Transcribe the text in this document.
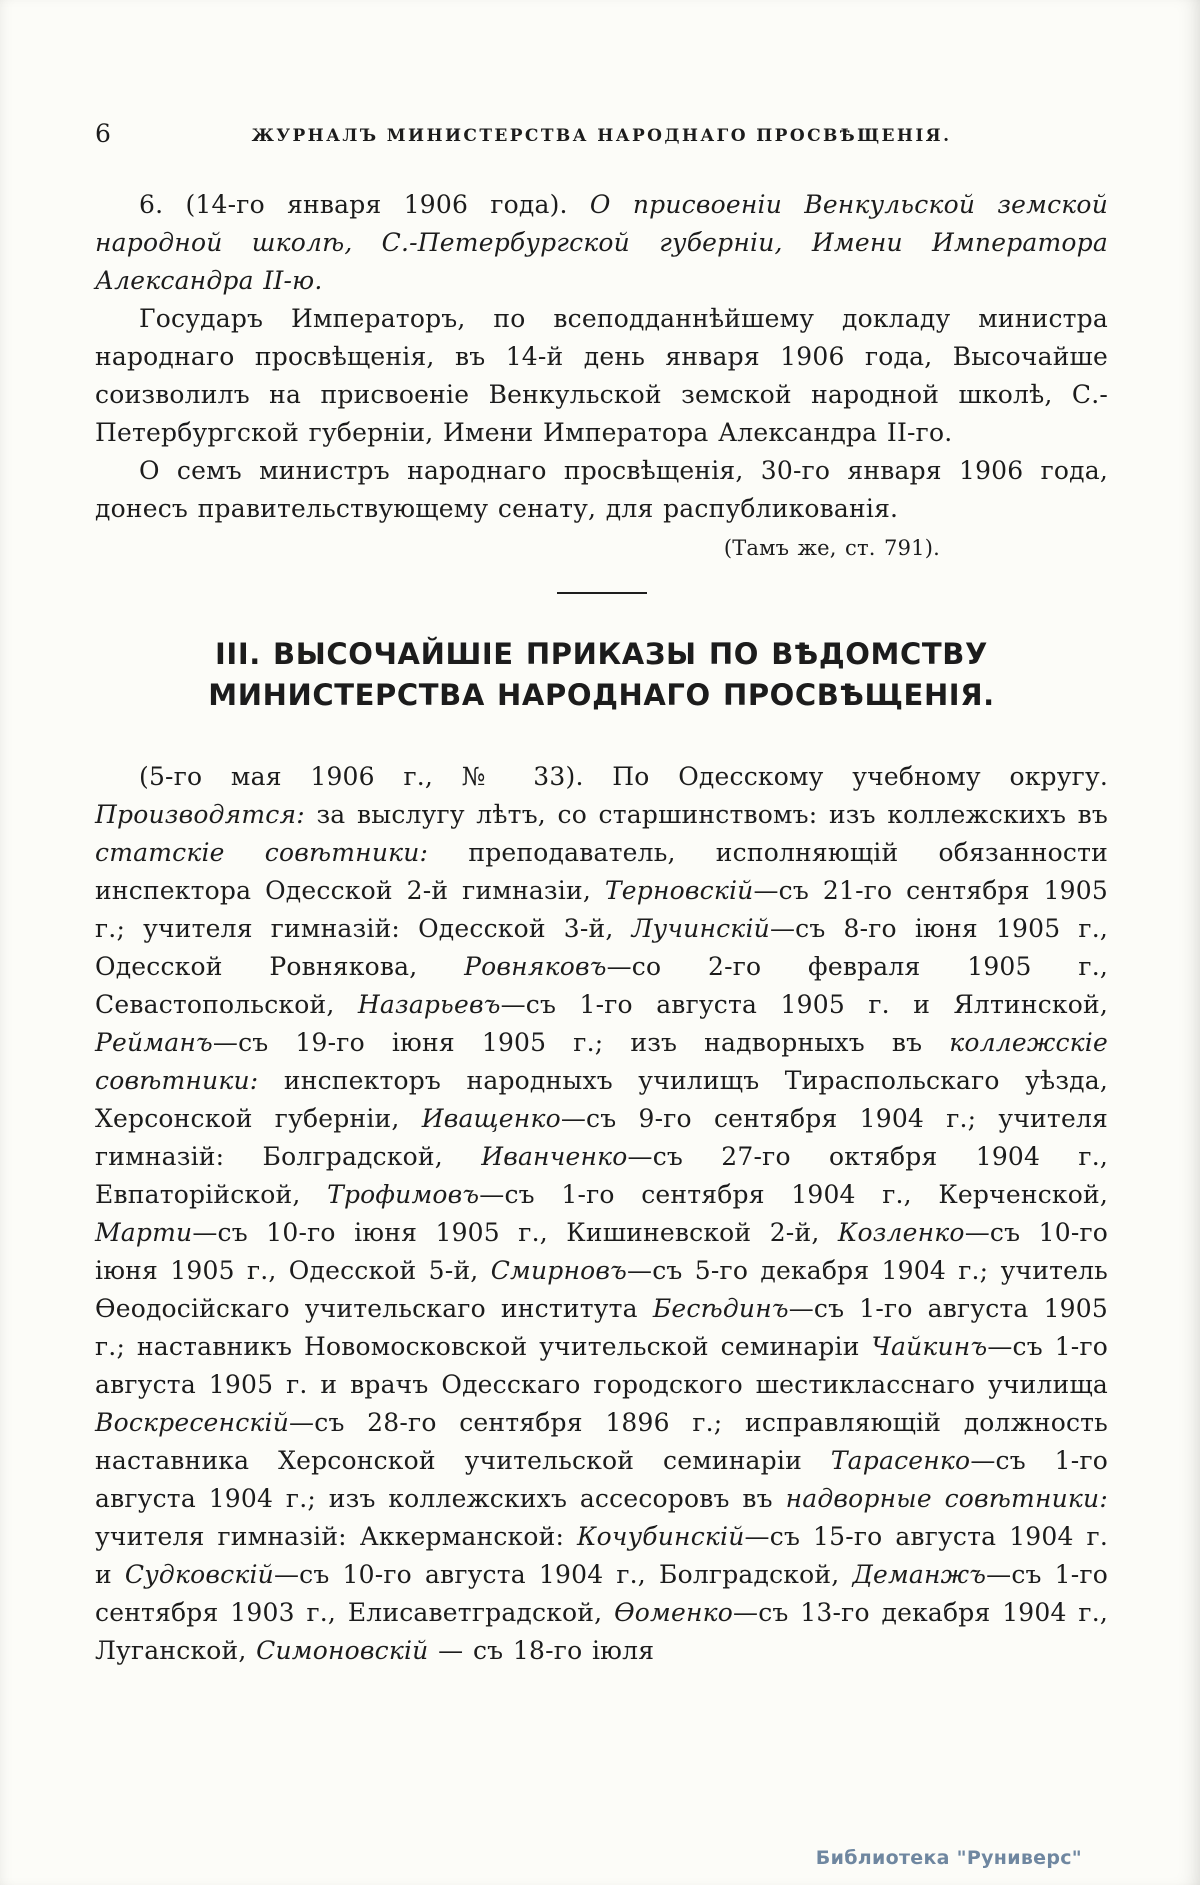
6	ЖУРНАЛЪ МИНИСТЕРСТВА НАРОДНАГО ПРОСВѢЩЕНІЯ.

6. (14-го января 1906 года). О присвоеніи Венкульской земской народной школѣ, С.-Петербургской губерніи, Имени Императора Александра II-ю.

Государъ Императоръ, по всеподданнѣйшему докладу министра народнаго просвѣщенія, въ 14-й день января 1906 года, Высочайше соизволилъ на присвоеніе Венкульской земской народной школѣ, С.-Петербургской губерніи, Имени Императора Александра II-го.

О семъ министръ народнаго просвѣщенія, 30-го января 1906 года, донесъ правительствующему сенату, для распубликованія.

(Тамъ же, ст. 791).

III. ВЫСОЧАЙШІЕ ПРИКАЗЫ ПО ВѢДОМСТВУ МИНИСТЕРСТВА НАРОДНАГО ПРОСВѢЩЕНІЯ.

(5-го мая 1906 г., № 33). По Одесскому учебному округу. Производятся: за выслугу лѣтъ, со старшинствомъ: изъ коллежскихъ въ статскіе совѣтники: преподаватель, исполняющій обязанности инспектора Одесской 2-й гимназіи, Терновскій—съ 21-го сентября 1905 г.; учителя гимназій: Одесской 3-й, Лучинскій—съ 8-го іюня 1905 г., Одесской Ровнякова, Ровняковъ—со 2-го февраля 1905 г., Севастопольской, Назарьевъ—съ 1-го августа 1905 г. и Ялтинской, Рейманъ—съ 19-го іюня 1905 г.; изъ надворныхъ въ коллежскіе совѣтники: инспекторъ народныхъ училищъ Тираспольскаго уѣзда, Херсонской губерніи, Иващенко—съ 9-го сентября 1904 г.; учителя гимназій: Болградской, Иванченко—съ 27-го октября 1904 г., Евпаторійской, Трофимовъ—съ 1-го сентября 1904 г., Керченской, Марти—съ 10-го іюня 1905 г., Кишиневской 2-й, Козленко—съ 10-го іюня 1905 г., Одесской 5-й, Смирновъ—съ 5-го декабря 1904 г.; учитель Ѳеодосійскаго учительскаго института Бесѣдинъ—съ 1-го августа 1905 г.; наставникъ Новомосковской учительской семинаріи Чайкинъ—съ 1-го августа 1905 г. и врачъ Одесскаго городского шестикласснаго училища Воскресенскій—съ 28-го сентября 1896 г.; исправляющій должность наставника Херсонской учительской семинаріи Тарасенко—съ 1-го августа 1904 г.; изъ коллежскихъ ассесоровъ въ надворные совѣтники: учителя гимназій: Аккерманской: Кочубинскій—съ 15-го августа 1904 г. и Судковскій—съ 10-го августа 1904 г., Болградской, Деманжъ—съ 1-го сентября 1903 г., Елисаветградской, Ѳоменко—съ 13-го декабря 1904 г., Луганской, Симоновскій — съ 18-го іюля

Библиотека "Руниверс"
